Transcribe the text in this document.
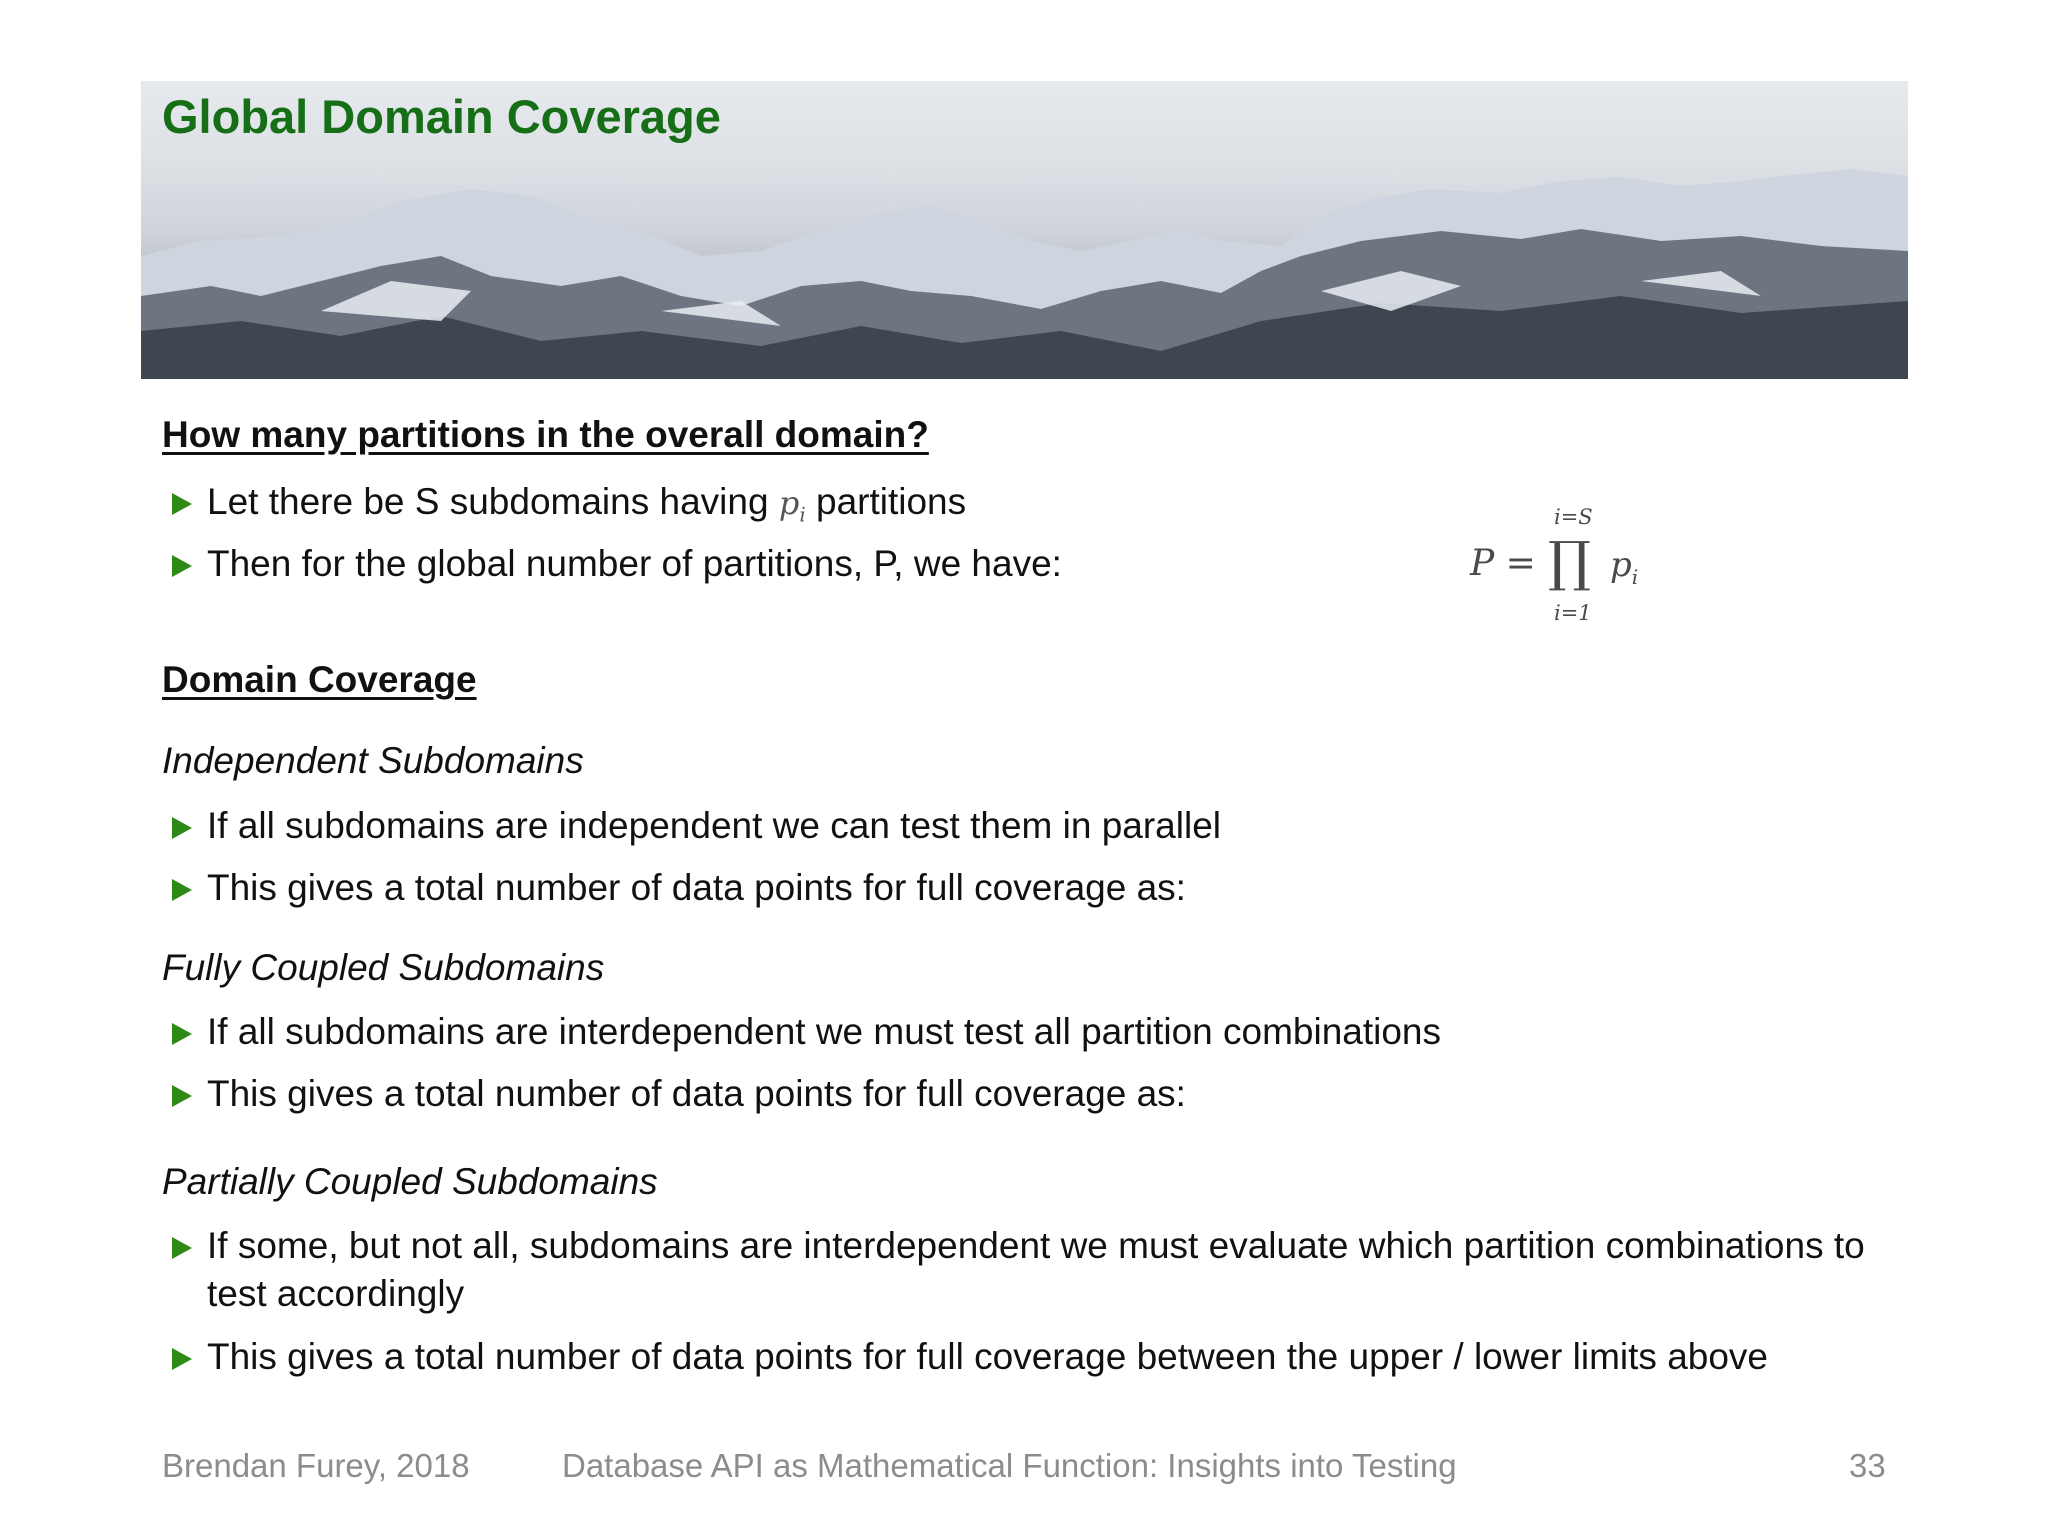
Global Domain Coverage
How many partitions in the overall domain?
Let there be S subdomains having $p_i$ partitions
Then for the global number of partitions, P, we have:	P =
i=S
∏
i=1
$p_i$
Domain Coverage

Independent Subdomains

If all subdomains are independent we can test them in parallel
This gives a total number of data points for full coverage as:

Fully Coupled Subdomains

If all subdomains are interdependent we must test all partition combinations
This gives a total number of data points for full coverage as:

Partially Coupled Subdomains

If some, but not all, subdomains are interdependent we must evaluate which partition combinations to test accordingly
This gives a total number of data points for full coverage between the upper / lower limits above

Brendan Furey, 2018	Database API as Mathematical Function: Insights into Testing	33
